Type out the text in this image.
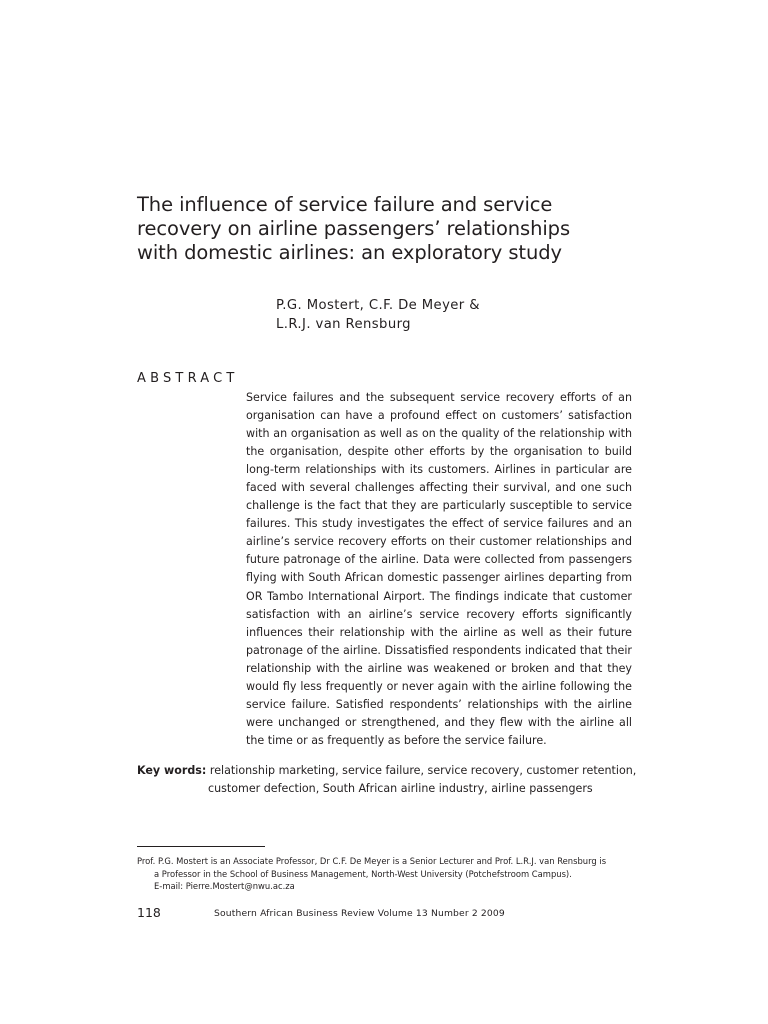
The influence of service failure and service
recovery on airline passengers’ relationships
with domestic airlines: an exploratory study
P.G. Mostert, C.F. De Meyer &
L.R.J. van Rensburg
ABSTRACT
Service failures and the subsequent service recovery efforts of an
organisation can have a profound effect on customers’ satisfaction
with an organisation as well as on the quality of the relationship with
the organisation, despite other efforts by the organisation to build
long-term relationships with its customers. Airlines in particular are
faced with several challenges affecting their survival, and one such
challenge is the fact that they are particularly susceptible to service
failures. This study investigates the effect of service failures and an
airline’s service recovery efforts on their customer relationships and
future patronage of the airline. Data were collected from passengers
flying with South African domestic passenger airlines departing from
OR Tambo International Airport. The findings indicate that customer
satisfaction with an airline’s service recovery efforts significantly
influences their relationship with the airline as well as their future
patronage of the airline. Dissatisfied respondents indicated that their
relationship with the airline was weakened or broken and that they
would fly less frequently or never again with the airline following the
service failure. Satisfied respondents’ relationships with the airline
were unchanged or strengthened, and they flew with the airline all
the time or as frequently as before the service failure.
Key words: relationship marketing, service failure, service recovery, customer retention,
customer defection, South African airline industry, airline passengers
Prof. P.G. Mostert is an Associate Professor, Dr C.F. De Meyer is a Senior Lecturer and Prof. L.R.J. van Rensburg is
a Professor in the School of Business Management, North-West University (Potchefstroom Campus).
E-mail: Pierre.Mostert@nwu.ac.za
118	Southern African Business Review Volume 13 Number 2 2009
